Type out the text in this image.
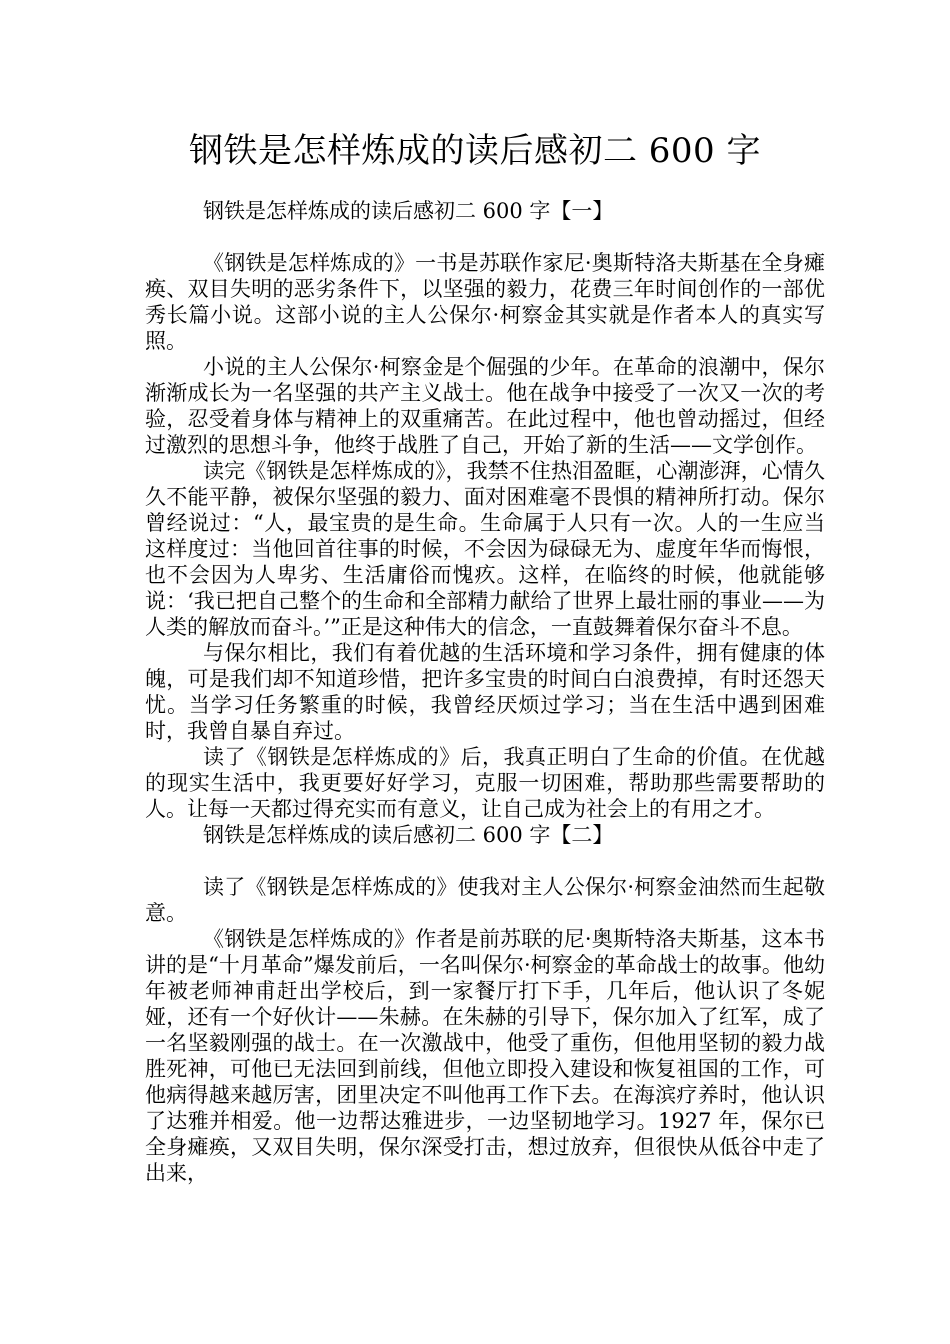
钢铁是怎样炼成的读后感初二 600 字

钢铁是怎样炼成的读后感初二 600 字【一】

《钢铁是怎样炼成的》一书是苏联作家尼·奥斯特洛夫斯基在全身瘫痪、双目失明的恶劣条件下，以坚强的毅力，花费三年时间创作的一部优秀长篇小说。这部小说的主人公保尔·柯察金其实就是作者本人的真实写照。

小说的主人公保尔·柯察金是个倔强的少年。在革命的浪潮中，保尔渐渐成长为一名坚强的共产主义战士。他在战争中接受了一次又一次的考验，忍受着身体与精神上的双重痛苦。在此过程中，他也曾动摇过，但经过激烈的思想斗争，他终于战胜了自己，开始了新的生活——文学创作。

读完《钢铁是怎样炼成的》，我禁不住热泪盈眶，心潮澎湃，心情久久不能平静，被保尔坚强的毅力、面对困难毫不畏惧的精神所打动。保尔曾经说过：“人，最宝贵的是生命。生命属于人只有一次。人的一生应当这样度过：当他回首往事的时候，不会因为碌碌无为、虚度年华而悔恨，也不会因为人卑劣、生活庸俗而愧疚。这样，在临终的时候，他就能够说：‘我已把自己整个的生命和全部精力献给了世界上最壮丽的事业——为人类的解放而奋斗。’”正是这种伟大的信念，一直鼓舞着保尔奋斗不息。

与保尔相比，我们有着优越的生活环境和学习条件，拥有健康的体魄，可是我们却不知道珍惜，把许多宝贵的时间白白浪费掉，有时还怨天忧。当学习任务繁重的时候，我曾经厌烦过学习；当在生活中遇到困难时，我曾自暴自弃过。

读了《钢铁是怎样炼成的》后，我真正明白了生命的价值。在优越的现实生活中，我更要好好学习，克服一切困难，帮助那些需要帮助的人。让每一天都过得充实而有意义，让自己成为社会上的有用之才。

钢铁是怎样炼成的读后感初二 600 字【二】

读了《钢铁是怎样炼成的》使我对主人公保尔·柯察金油然而生起敬意。

《钢铁是怎样炼成的》作者是前苏联的尼·奥斯特洛夫斯基，这本书讲的是“十月革命”爆发前后，一名叫保尔·柯察金的革命战士的故事。他幼年被老师神甫赶出学校后，到一家餐厅打下手，几年后，他认识了冬妮娅，还有一个好伙计——朱赫。在朱赫的引导下，保尔加入了红军，成了一名坚毅刚强的战士。在一次激战中，他受了重伤，但他用坚韧的毅力战胜死神，可他已无法回到前线，但他立即投入建设和恢复祖国的工作，可他病得越来越厉害，团里决定不叫他再工作下去。在海滨疗养时，他认识了达雅并相爱。他一边帮达雅进步，一边坚韧地学习。1927 年，保尔已全身瘫痪，又双目失明，保尔深受打击，想过放弃，但很快从低谷中走了出来，
